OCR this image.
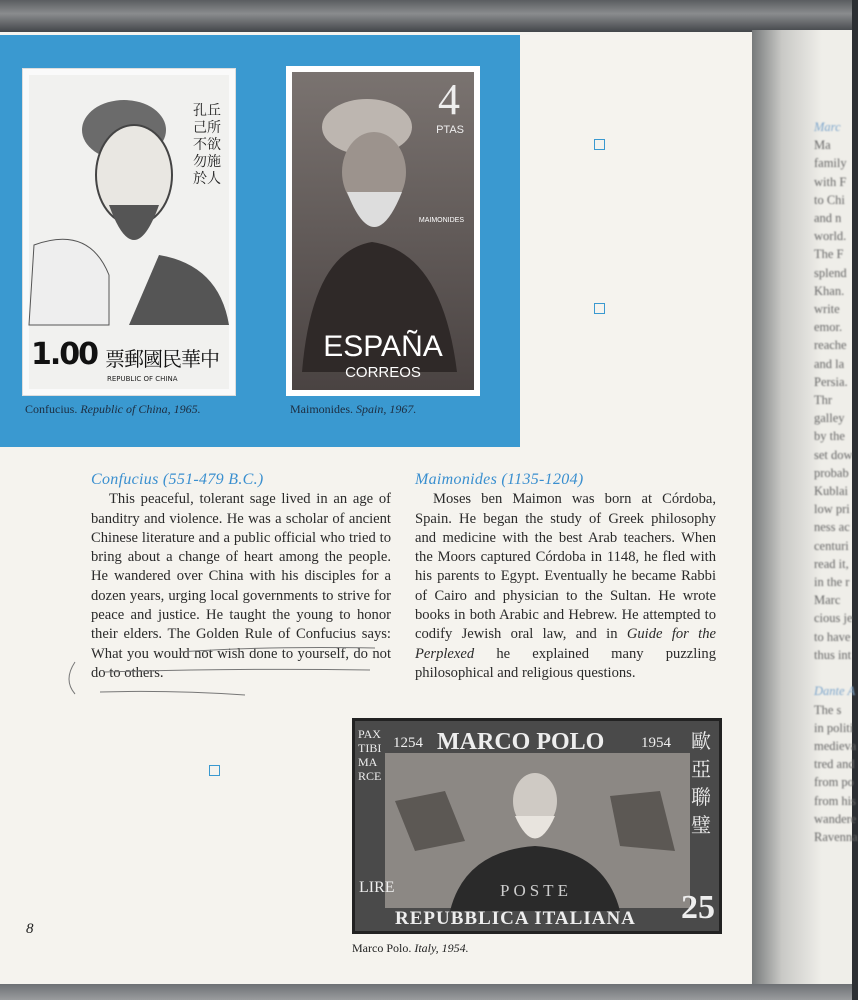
孔丘 己所不欲勿施於人
1.00 中華民國郵票
REPUBLIC OF CHINA
Confucius. Republic of China, 1965.
4
PTAS
MAIMONIDES
ESPAÑA
CORREOS
Maimonides. Spain, 1967.
Confucius (551-479 B.C.)

This peaceful, tolerant sage lived in an age of banditry and violence. He was a scholar of ancient Chinese literature and a public official who tried to bring about a change of heart among the people. He wandered over China with his disciples for a dozen years, urging local governments to strive for peace and justice. He taught the young to honor their elders. The Golden Rule of Confucius says: What you would not wish done to yourself, do not do to others.

Maimonides (1135-1204)

Moses ben Maimon was born at Córdoba, Spain. He began the study of Greek philosophy and medicine with the best Arab teachers. When the Moors captured Córdoba in 1148, he fled with his parents to Egypt. Eventually he became Rabbi of Cairo and physician to the Sultan. He wrote books in both Arabic and Hebrew. He attempted to codify Jewish oral law, and in Guide for the Perplexed he explained many puzzling philosophical and religious questions.

1254 MARCO POLO 1954
PAX TIBI MARCE
歐亞聯璧
POSTE
LIRE
REPUBBLICA ITALIANA 25
Marco Polo. Italy, 1954.
8
Marc
Ma
family
with F
to Chi
and n
world.
The F
splend
Khan.
write
emor.
reache
and la
Persia.
Thr
galley
by the
set dow
probab
Kublai
low pri
ness ac
centuri
read it,
in the r
Marc
cious je
to have
thus int

Dante A
The s
in politi
medieva
tred and
from po
from his
wandere
Ravenna
